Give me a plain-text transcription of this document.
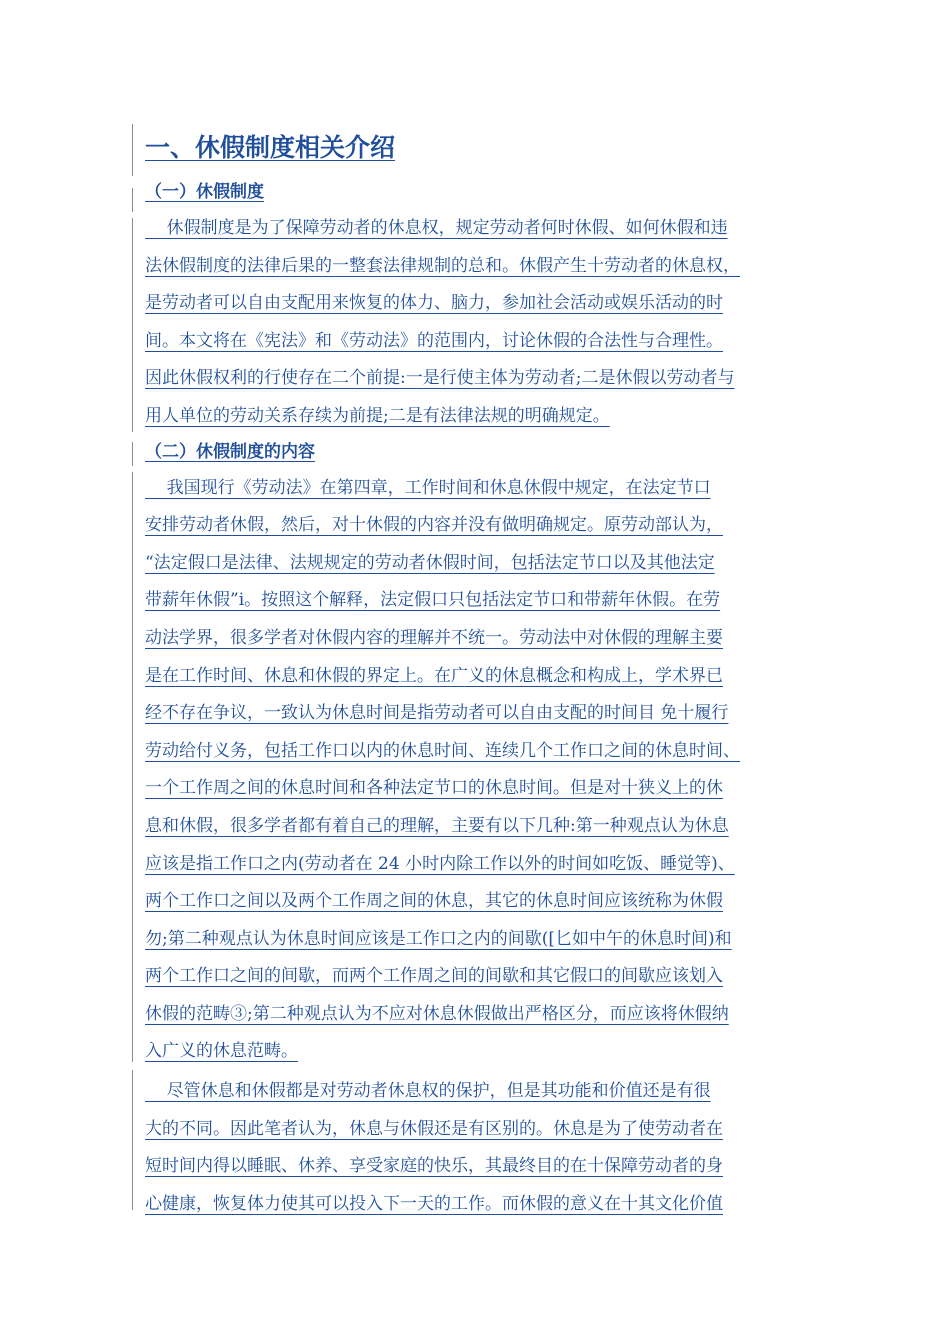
一、休假制度相关介绍
（一）休假制度
休假制度是为了保障劳动者的休息权，规定劳动者何时休假、如何休假和违
法休假制度的法律后果的一整套法律规制的总和。休假产生十劳动者的休息权，
是劳动者可以自由支配用来恢复的体力、脑力，参加社会活动或娱乐活动的时
间。本文将在《宪法》和《劳动法》的范围内，讨论休假的合法性与合理性。
因此休假权利的行使存在二个前提:一是行使主体为劳动者;二是休假以劳动者与
用人单位的劳动关系存续为前提;二是有法律法规的明确规定。
（二）休假制度的内容
我国现行《劳动法》在第四章，工作时间和休息休假中规定，在法定节口
安排劳动者休假，然后，对十休假的内容并没有做明确规定。原劳动部认为，
“法定假口是法律、法规规定的劳动者休假时间，包括法定节口以及其他法定
带薪年休假”i。按照这个解释，法定假口只包括法定节口和带薪年休假。在劳
动法学界，很多学者对休假内容的理解并不统一。劳动法中对休假的理解主要
是在工作时间、休息和休假的界定上。在广义的休息概念和构成上，学术界已
经不存在争议，一致认为休息时间是指劳动者可以自由支配的时间目 免十履行
劳动给付义务，包括工作口以内的休息时间、连续几个工作口之间的休息时间、
一个工作周之间的休息时间和各种法定节口的休息时间。但是对十狭义上的休
息和休假，很多学者都有着自己的理解，主要有以下几种:第一种观点认为休息
应该是指工作口之内(劳动者在 24 小时内除工作以外的时间如吃饭、睡觉等)、
两个工作口之间以及两个工作周之间的休息，其它的休息时间应该统称为休假
勿;第二种观点认为休息时间应该是工作口之内的间歇([匕如中午的休息时间)和
两个工作口之间的间歇，而两个工作周之间的间歇和其它假口的间歇应该划入
休假的范畴③;第二种观点认为不应对休息休假做出严格区分，而应该将休假纳
入广义的休息范畴。
尽管休息和休假都是对劳动者休息权的保护，但是其功能和价值还是有很
大的不同。因此笔者认为，休息与休假还是有区别的。休息是为了使劳动者在
短时间内得以睡眠、休养、享受家庭的快乐，其最终目的在十保障劳动者的身
心健康，恢复体力使其可以投入下一天的工作。而休假的意义在十其文化价值
